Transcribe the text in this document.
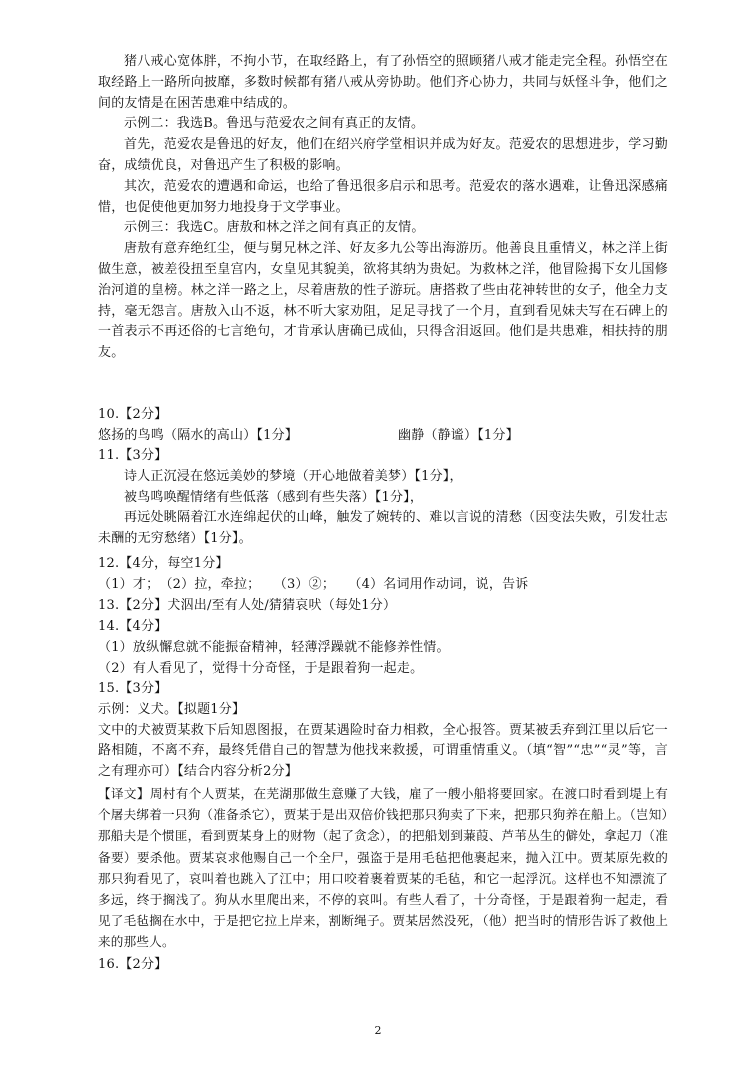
猪八戒心宽体胖，不拘小节，在取经路上，有了孙悟空的照顾猪八戒才能走完全程。孙悟空在取经路上一路所向披靡，多数时候都有猪八戒从旁协助。他们齐心协力，共同与妖怪斗争，他们之间的友情是在困苦患难中结成的。

示例二：我选B。鲁迅与范爱农之间有真正的友情。

首先，范爱农是鲁迅的好友，他们在绍兴府学堂相识并成为好友。范爱农的思想进步，学习勤奋，成绩优良，对鲁迅产生了积极的影响。

其次，范爱农的遭遇和命运，也给了鲁迅很多启示和思考。范爱农的落水遇难，让鲁迅深感痛惜，也促使他更加努力地投身于文学事业。

示例三：我选C。唐敖和林之洋之间有真正的友情。

唐敖有意弃绝红尘，便与舅兄林之洋、好友多九公等出海游历。他善良且重情义，林之洋上街做生意，被差役扭至皇宫内，女皇见其貌美，欲将其纳为贵妃。为救林之洋，他冒险揭下女儿国修治河道的皇榜。林之洋一路之上，尽着唐敖的性子游玩。唐搭救了些由花神转世的女子，他全力支持，毫无怨言。唐敖入山不返，林不听大家劝阻，足足寻找了一个月，直到看见妹夫写在石碑上的一首表示不再还俗的七言绝句，才肯承认唐确已成仙，只得含泪返回。他们是共患难，相扶持的朋友。

10.【2分】

悠扬的鸟鸣（隔水的高山）【1分】	幽静（静谧）【1分】

11.【3分】

诗人正沉浸在悠远美妙的梦境（开心地做着美梦）【1分】，

被鸟鸣唤醒情绪有些低落（感到有些失落）【1分】，

再远处眺隔着江水连绵起伏的山峰，触发了婉转的、难以言说的清愁（因变法失败，引发壮志未酬的无穷愁绪）【1分】。

12.【4分，每空1分】

（1）才；　（2）拉，牵拉；　　（3）②；　　（4）名词用作动词，说，告诉

13.【2分】犬泅出/至有人处/猜猜哀吠（每处1分）

14.【4分】

（1）放纵懈怠就不能振奋精神，轻薄浮躁就不能修养性情。

（2）有人看见了，觉得十分奇怪，于是跟着狗一起走。

15.【3分】

示例：义犬。【拟题1分】

文中的犬被贾某救下后知恩图报，在贾某遇险时奋力相救，全心报答。贾某被丢弃到江里以后它一路相随，不离不弃，最终凭借自己的智慧为他找来救援，可谓重情重义。（填“智”“忠”“灵”等，言之有理亦可）【结合内容分析2分】

【译文】周村有个人贾某，在芜湖那做生意赚了大钱，雇了一艘小船将要回家。在渡口时看到堤上有个屠夫绑着一只狗（准备杀它），贾某于是出双倍价钱把那只狗卖了下来，把那只狗养在船上。（岂知）那船夫是个惯匪，看到贾某身上的财物（起了贪念），的把船划到蒹葭、芦苇丛生的僻处，拿起刀（准备要）要杀他。贾某哀求他赐自己一个全尸，强盗于是用毛毡把他裹起来，抛入江中。贾某原先救的那只狗看见了，哀叫着也跳入了江中；用口咬着裹着贾某的毛毡，和它一起浮沉。这样也不知漂流了多远，终于搁浅了。狗从水里爬出来，不停的哀叫。有些人看了，十分奇怪，于是跟着狗一起走，看见了毛毡搁在水中，于是把它拉上岸来，割断绳子。贾某居然没死，（他）把当时的情形告诉了救他上来的那些人。

16.【2分】

2
